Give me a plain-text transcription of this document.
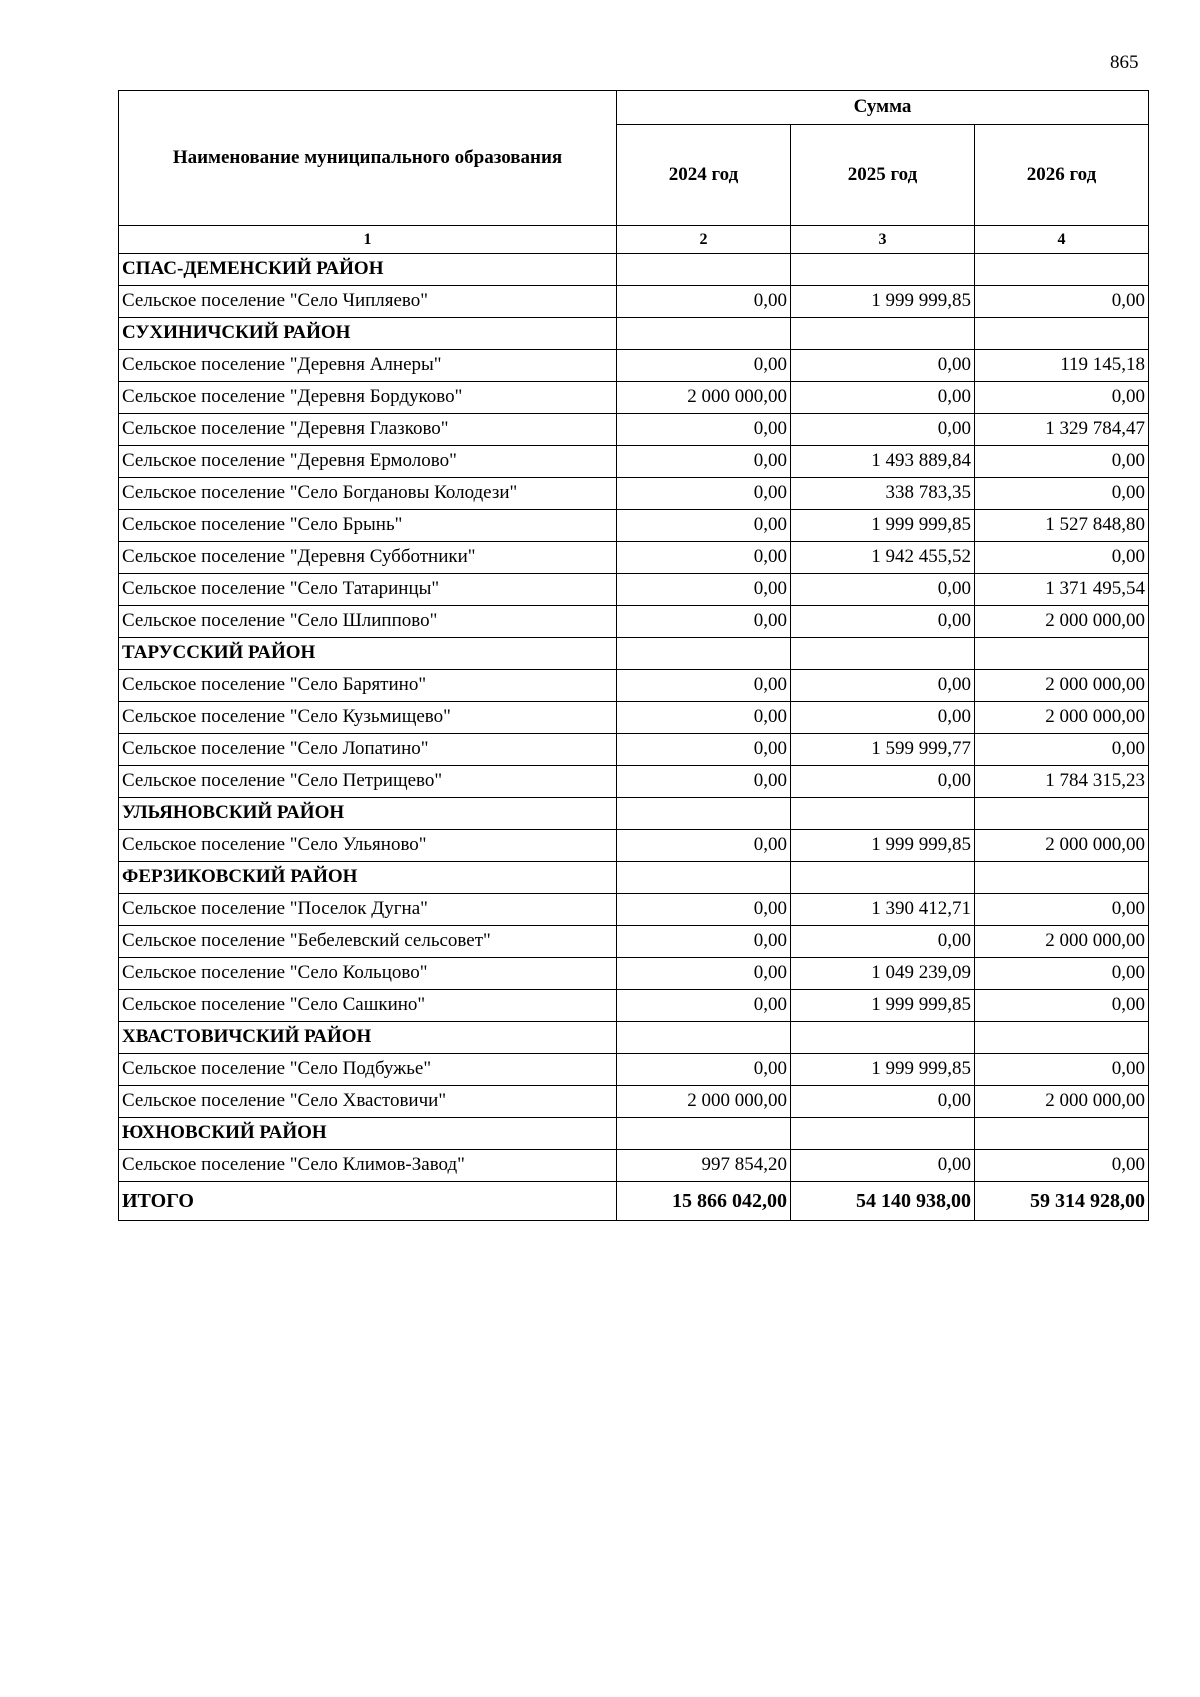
865
Наименование муниципального образования	Сумма		
	2024 год	2025 год	2026 год
1	2	3	4
СПАС-ДЕМЕНСКИЙ РАЙОН			
Сельское поселение "Село Чипляево"	0,00	1 999 999,85	0,00
СУХИНИЧСКИЙ РАЙОН			
Сельское поселение "Деревня Алнеры"	0,00	0,00	119 145,18
Сельское поселение "Деревня Бордуково"	2 000 000,00	0,00	0,00
Сельское поселение "Деревня Глазково"	0,00	0,00	1 329 784,47
Сельское поселение "Деревня Ермолово"	0,00	1 493 889,84	0,00
Сельское поселение "Село Богдановы Колодези"	0,00	338 783,35	0,00
Сельское поселение "Село Брынь"	0,00	1 999 999,85	1 527 848,80
Сельское поселение "Деревня Субботники"	0,00	1 942 455,52	0,00
Сельское поселение "Село Татаринцы"	0,00	0,00	1 371 495,54
Сельское поселение "Село Шлиппово"	0,00	0,00	2 000 000,00
ТАРУССКИЙ РАЙОН			
Сельское поселение "Село Барятино"	0,00	0,00	2 000 000,00
Сельское поселение "Село Кузьмищево"	0,00	0,00	2 000 000,00
Сельское поселение "Село Лопатино"	0,00	1 599 999,77	0,00
Сельское поселение "Село Петрищево"	0,00	0,00	1 784 315,23
УЛЬЯНОВСКИЙ РАЙОН			
Сельское поселение "Село Ульяново"	0,00	1 999 999,85	2 000 000,00
ФЕРЗИКОВСКИЙ РАЙОН			
Сельское поселение "Поселок Дугна"	0,00	1 390 412,71	0,00
Сельское поселение "Бебелевский сельсовет"	0,00	0,00	2 000 000,00
Сельское поселение "Село Кольцово"	0,00	1 049 239,09	0,00
Сельское поселение "Село Сашкино"	0,00	1 999 999,85	0,00
ХВАСТОВИЧСКИЙ РАЙОН			
Сельское поселение "Село Подбужье"	0,00	1 999 999,85	0,00
Сельское поселение "Село Хвастовичи"	2 000 000,00	0,00	2 000 000,00
ЮХНОВСКИЙ РАЙОН			
Сельское поселение "Село Климов-Завод"	997 854,20	0,00	0,00
ИТОГО	15 866 042,00	54 140 938,00	59 314 928,00
